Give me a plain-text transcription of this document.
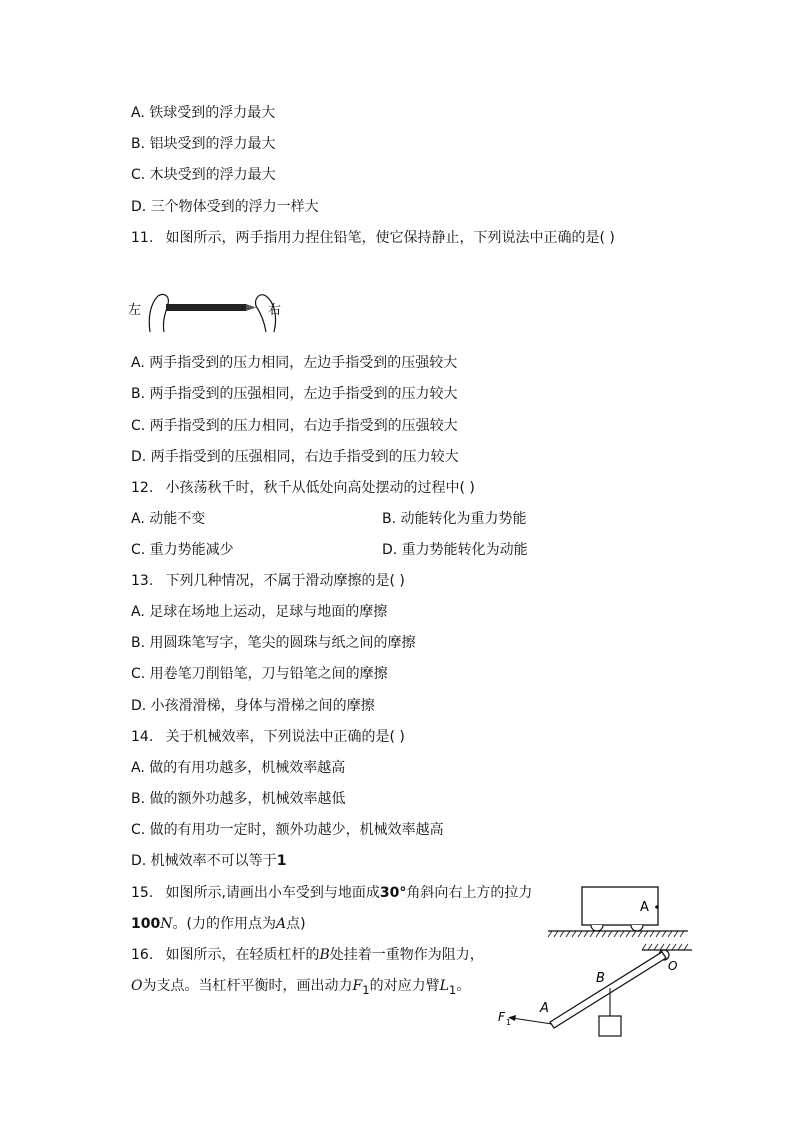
A. 铁球受到的浮力最大
B. 铝块受到的浮力最大
C. 木块受到的浮力最大
D. 三个物体受到的浮力一样大
11. 如图所示，两手指用力捏住铅笔，使它保持静止，下列说法中正确的是( )
左	右
A. 两手指受到的压力相同，左边手指受到的压强较大
B. 两手指受到的压强相同，左边手指受到的压力较大
C. 两手指受到的压力相同，右边手指受到的压强较大
D. 两手指受到的压强相同，右边手指受到的压力较大
12. 小孩荡秋千时，秋千从低处向高处摆动的过程中( )
A. 动能不变	B. 动能转化为重力势能
C. 重力势能减少	D. 重力势能转化为动能
13. 下列几种情况，不属于滑动摩擦的是( )
A. 足球在场地上运动，足球与地面的摩擦
B. 用圆珠笔写字，笔尖的圆珠与纸之间的摩擦
C. 用卷笔刀削铅笔，刀与铅笔之间的摩擦
D. 小孩滑滑梯，身体与滑梯之间的摩擦
14. 关于机械效率，下列说法中正确的是( )
A. 做的有用功越多，机械效率越高
B. 做的额外功越多，机械效率越低
C. 做的有用功一定时，额外功越少，机械效率越高
D. 机械效率不可以等于1
15. 如图所示,请画出小车受到与地面成30°角斜向右上方的拉力
100N。(力的作用点为A点)
A
16. 如图所示，在轻质杠杆的B处挂着一重物作为阻力，
O为支点。当杠杆平衡时，画出动力$F_1$的对应力臂$L_1$。
O
B
A
F 1
